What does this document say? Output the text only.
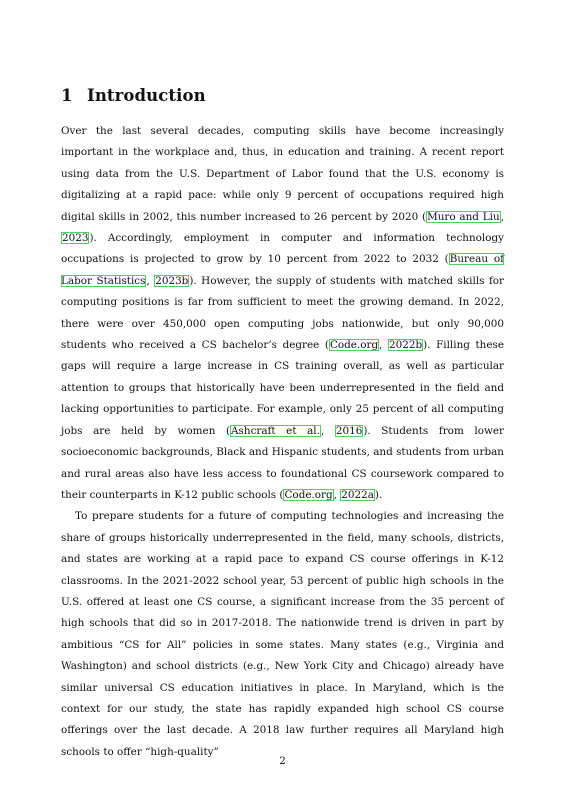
1 Introduction

Over the last several decades, computing skills have become increasingly important in the workplace and, thus, in education and training. A recent report using data from the U.S. Department of Labor found that the U.S. economy is digitalizing at a rapid pace: while only 9 percent of occupations required high digital skills in 2002, this number increased to 26 percent by 2020 (Muro and Liu, 2023). Accordingly, employment in computer and information technology occupations is projected to grow by 10 percent from 2022 to 2032 (Bureau of Labor Statistics, 2023b). However, the supply of students with matched skills for computing positions is far from sufficient to meet the growing demand. In 2022, there were over 450,000 open computing jobs nationwide, but only 90,000 students who received a CS bachelor’s degree (Code.org, 2022b). Filling these gaps will require a large increase in CS training overall, as well as particular attention to groups that historically have been underrepresented in the field and lacking opportunities to participate. For example, only 25 percent of all computing jobs are held by women (Ashcraft et al., 2016). Students from lower socioeconomic backgrounds, Black and Hispanic students, and students from urban and rural areas also have less access to foundational CS coursework compared to their counterparts in K-12 public schools (Code.org, 2022a).

To prepare students for a future of computing technologies and increasing the share of groups historically underrepresented in the field, many schools, districts, and states are working at a rapid pace to expand CS course offerings in K-12 classrooms. In the 2021-2022 school year, 53 percent of public high schools in the U.S. offered at least one CS course, a significant increase from the 35 percent of high schools that did so in 2017-2018. The nationwide trend is driven in part by ambitious “CS for All” policies in some states. Many states (e.g., Virginia and Washington) and school districts (e.g., New York City and Chicago) already have similar universal CS education initiatives in place. In Maryland, which is the context for our study, the state has rapidly expanded high school CS course offerings over the last decade. A 2018 law further requires all Maryland high schools to offer “high-quality”

2
